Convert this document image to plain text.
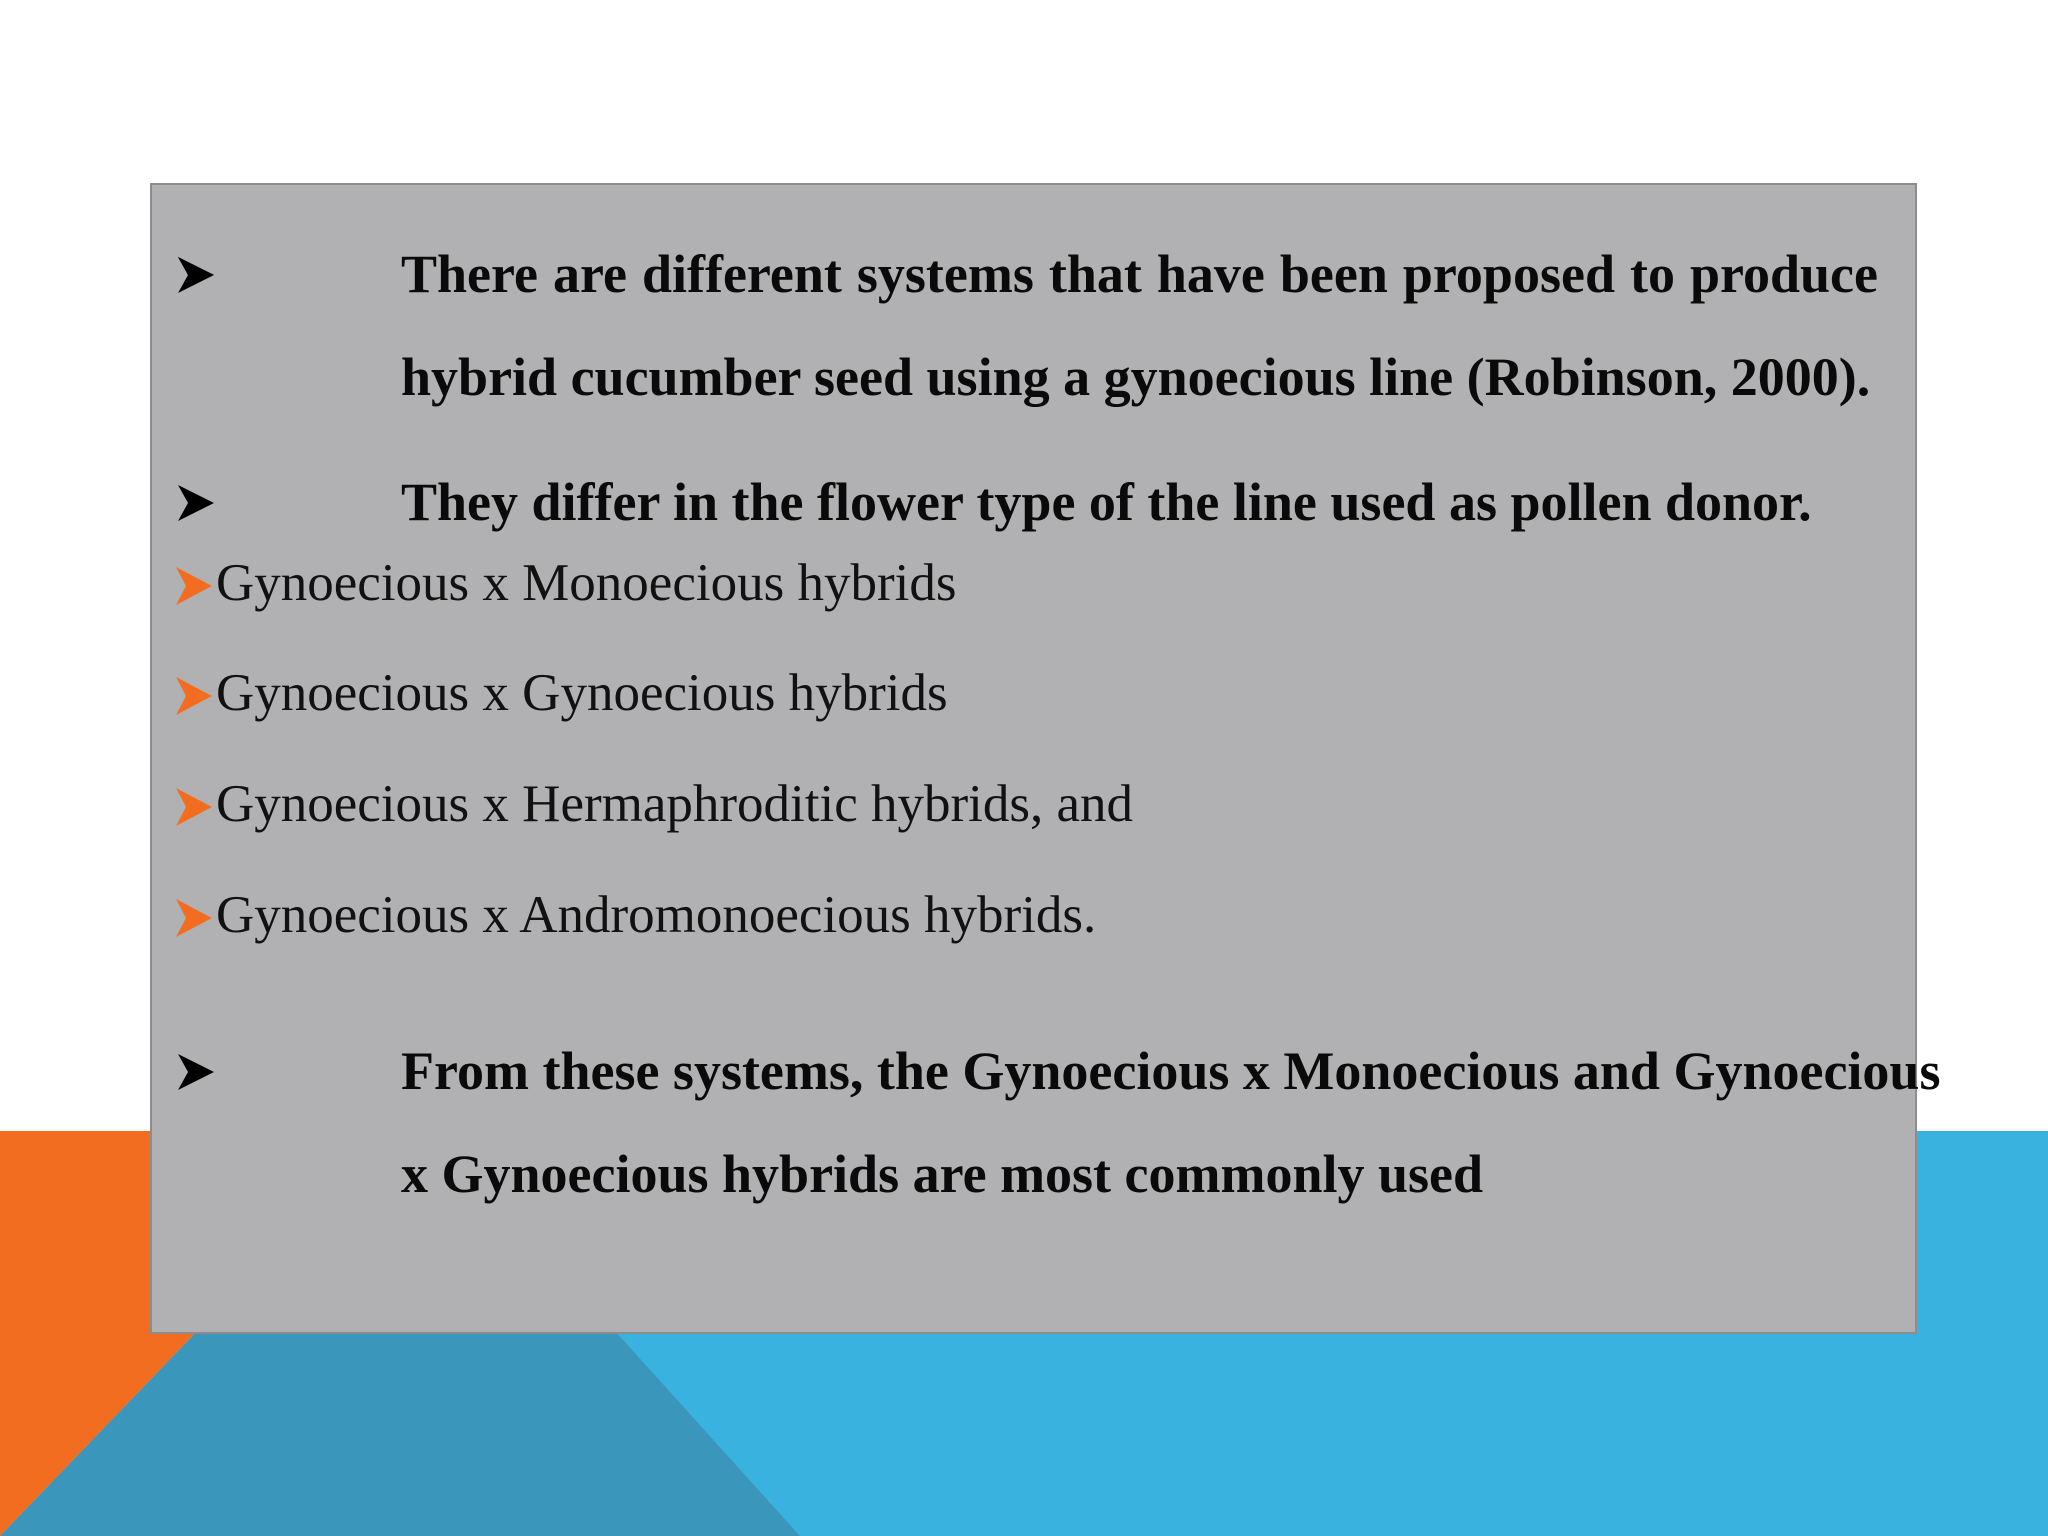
There are different systems that have been proposed to produce
hybrid cucumber seed using a gynoecious line (Robinson, 2000).
They differ in the flower type of the line used as pollen donor.
Gynoecious x Monoecious hybrids
Gynoecious x Gynoecious hybrids
Gynoecious x Hermaphroditic hybrids, and
Gynoecious x Andromonoecious hybrids.
From these systems, the Gynoecious x Monoecious and Gynoecious
x Gynoecious hybrids are most commonly used
